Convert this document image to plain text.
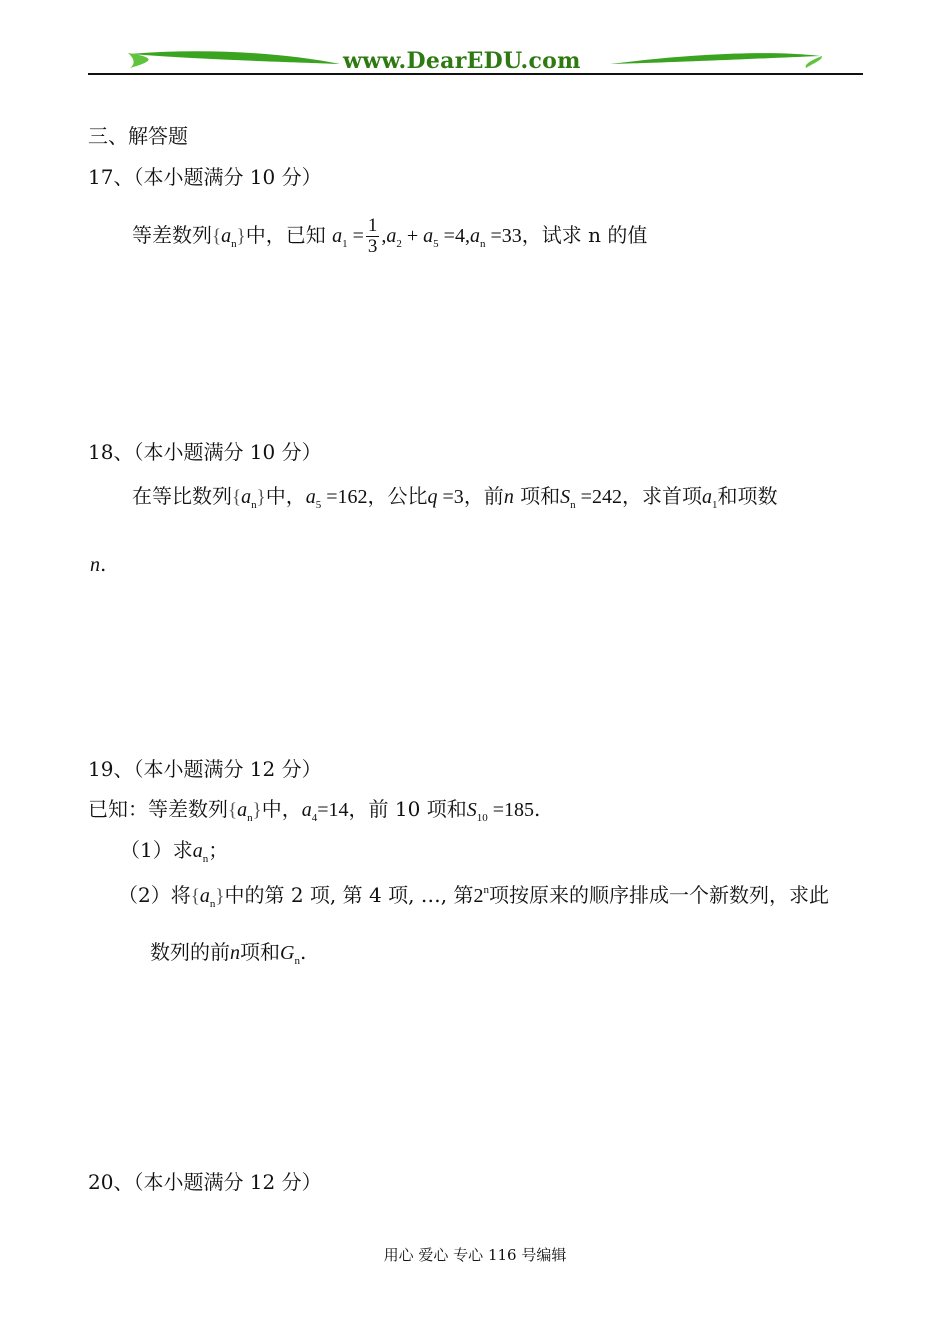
www.DearEDU.com
三、解答题
17、（本小题满分 10 分）
等差数列$\{a_n\}$中，已知 $a_1 = \frac{1}{3} ,a_2 + a_5 =4,a_n =33$，试求 n 的值
18、（本小题满分 10 分）
在等比数列$\{a_n\}$中，$a_5 =162$，公比q =3，前n 项和$S_n =242$，求首项$a_1$和项数
n.
19、（本小题满分 12 分）
已知：等差数列$\{a_n\}$中，$a_4=14$，前 10 项和$S_{10} =185$.
（1）求$a_n$；
（2）将$\{a_n\}$中的第 2 项, 第 4 项, …, 第2$^n$项按原来的顺序排成一个新数列，求此
数列的前n项和$G_n$.
20、（本小题满分 12 分）
用心 爱心 专心 116 号编辑
